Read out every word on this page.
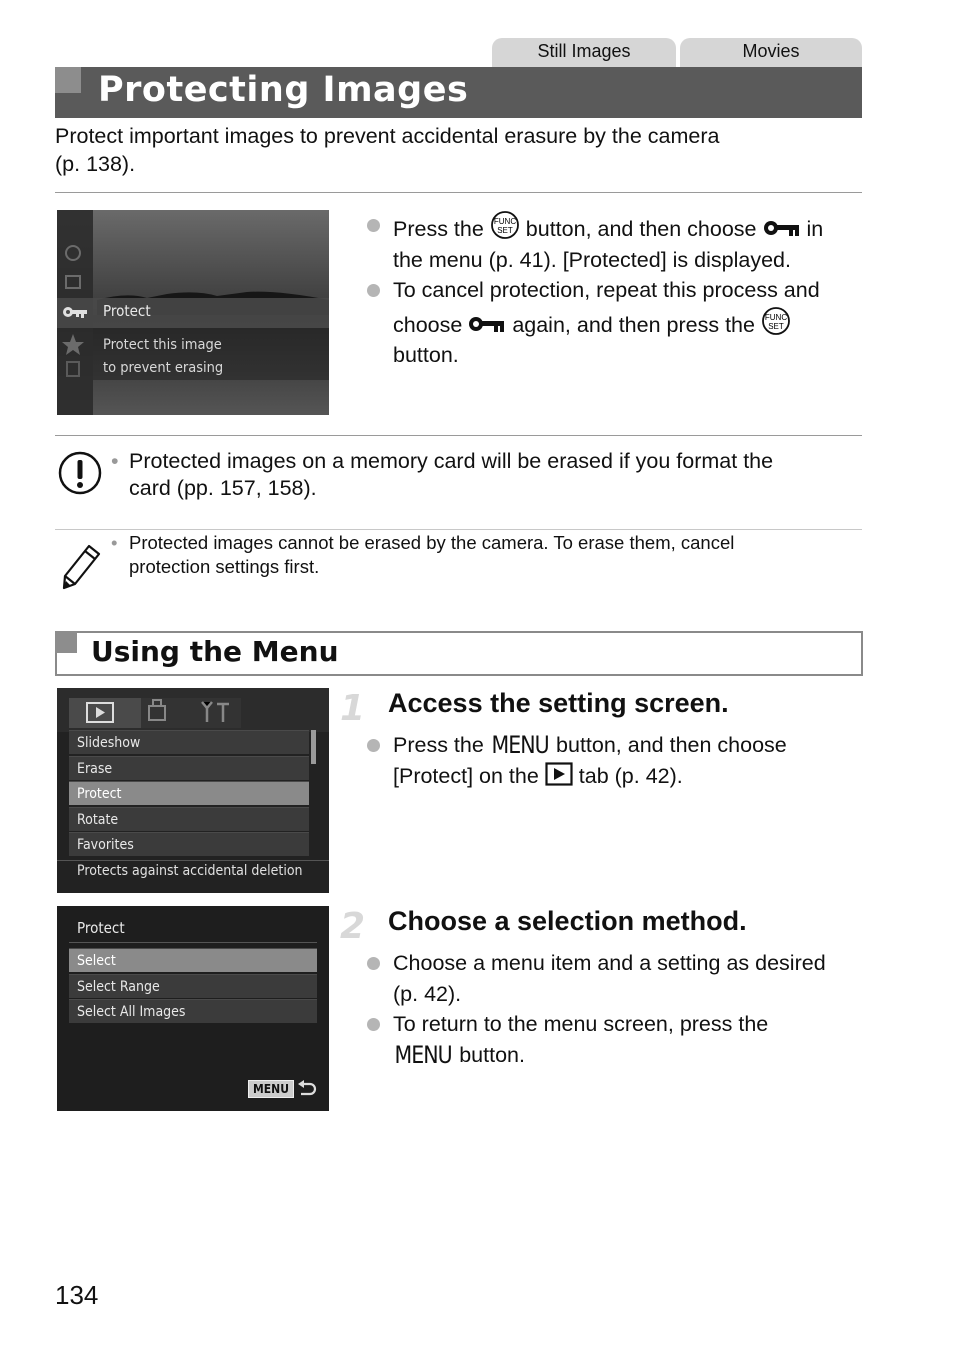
Still Images	Movies
Protecting Images
Protect important images to prevent accidental erasure by the camera
(p. 138).
Protect
Protect this image
to prevent erasing
Press the FUNC
SET button, and then choose in
the menu (p. 41). [Protected] is displayed.
To cancel protection, repeat this process and
choose again, and then press the FUNC
SET

button.
• Protected images on a memory card will be erased if you format the
card (pp. 157, 158).
• Protected images cannot be erased by the camera. To erase them, cancel
protection settings first.
Using the Menu
Slideshow
Erase
Protect
Rotate
Favorites
Protects against accidental deletion
1 Access the setting screen.
Press the MENU button, and then choose
[Protect] on the tab (p. 42).
Protect
Select
Select Range
Select All Images
MENU
2 Choose a selection method.
Choose a menu item and a setting as desired
(p. 42).
To return to the menu screen, press the
MENU button.
134
